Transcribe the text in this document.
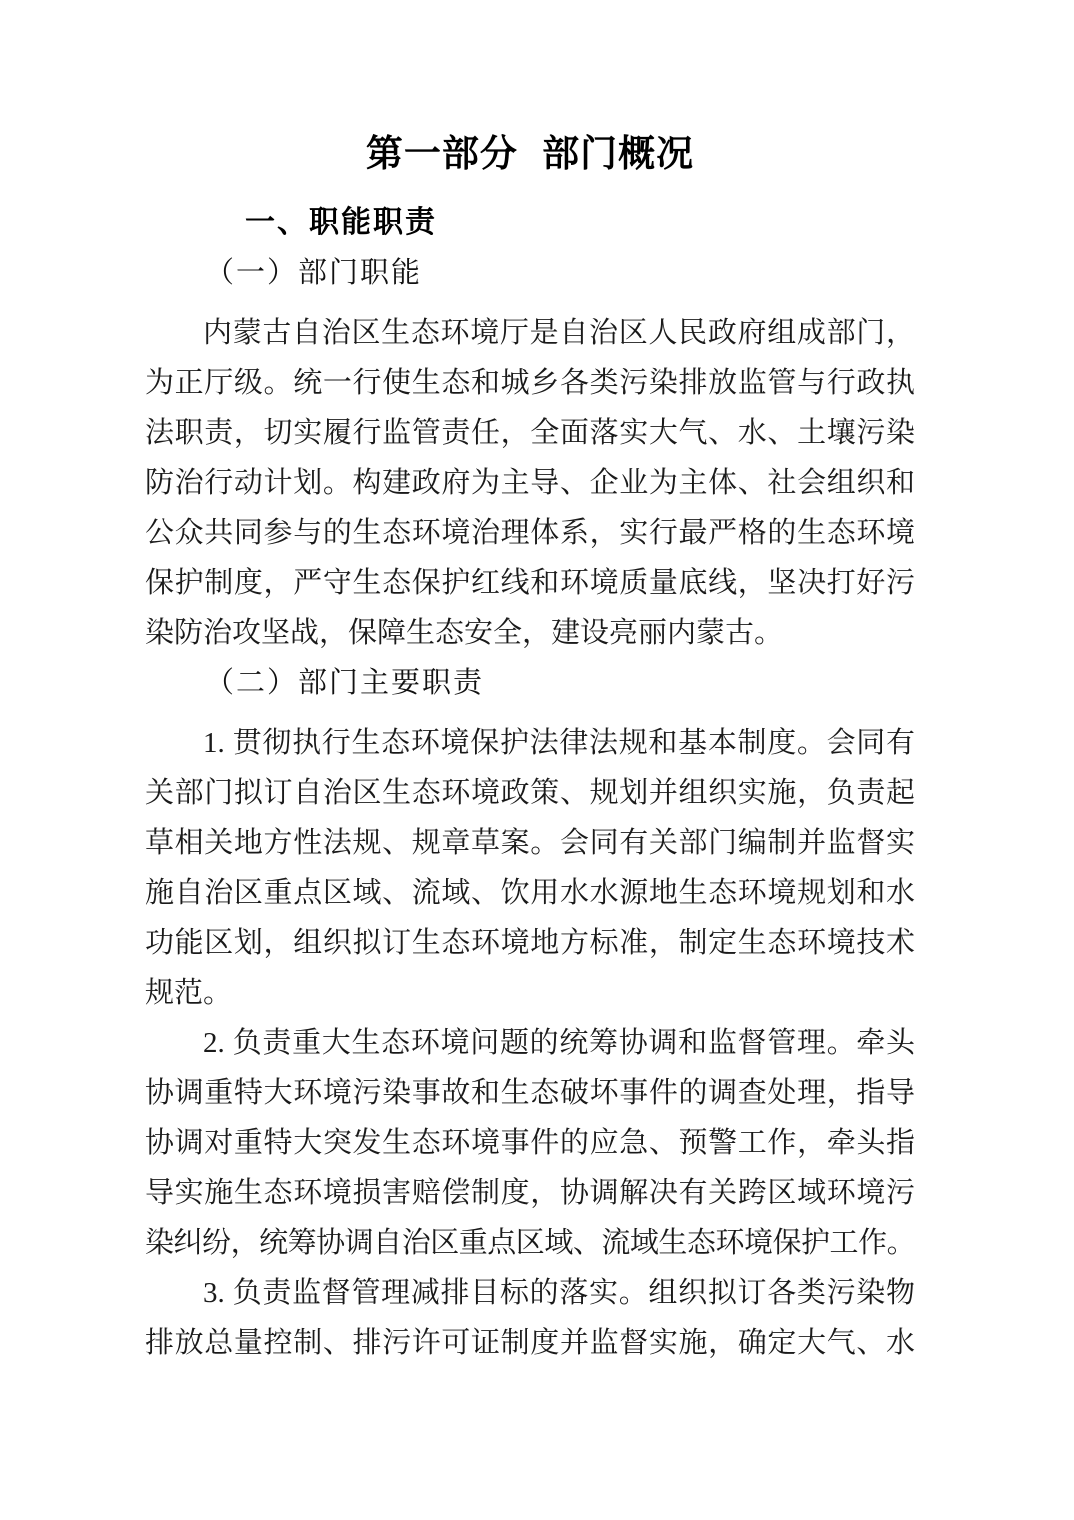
第一部分 部门概况
一、职能职责
（一）部门职能
内蒙古自治区生态环境厅是自治区人民政府组成部门，
为正厅级。统一行使生态和城乡各类污染排放监管与行政执
法职责，切实履行监管责任，全面落实大气、水、土壤污染
防治行动计划。构建政府为主导、企业为主体、社会组织和
公众共同参与的生态环境治理体系，实行最严格的生态环境
保护制度，严守生态保护红线和环境质量底线，坚决打好污
染防治攻坚战，保障生态安全，建设亮丽内蒙古。
（二）部门主要职责
1. 贯彻执行生态环境保护法律法规和基本制度。会同有
关部门拟订自治区生态环境政策、规划并组织实施，负责起
草相关地方性法规、规章草案。会同有关部门编制并监督实
施自治区重点区域、流域、饮用水水源地生态环境规划和水
功能区划，组织拟订生态环境地方标准，制定生态环境技术
规范。
2. 负责重大生态环境问题的统筹协调和监督管理。牵头
协调重特大环境污染事故和生态破坏事件的调查处理，指导
协调对重特大突发生态环境事件的应急、预警工作，牵头指
导实施生态环境损害赔偿制度，协调解决有关跨区域环境污
染纠纷，统筹协调自治区重点区域、流域生态环境保护工作。
3. 负责监督管理减排目标的落实。组织拟订各类污染物
排放总量控制、排污许可证制度并监督实施，确定大气、水
